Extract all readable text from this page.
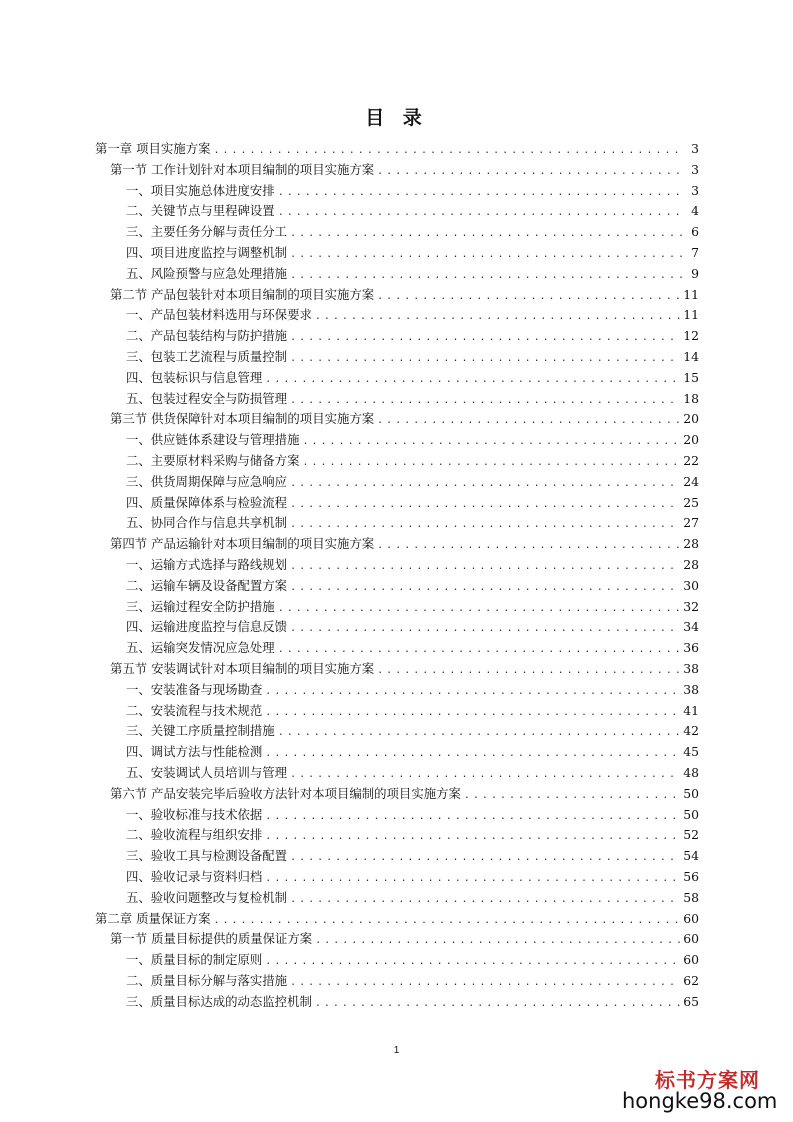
目 录
第一章 项目实施方案 .....	3
第一节 工作计划针对本项目编制的项目实施方案 .....	3
一、项目实施总体进度安排 .....	3
二、关键节点与里程碑设置 .....	4
三、主要任务分解与责任分工 .....	6
四、项目进度监控与调整机制 .....	7
五、风险预警与应急处理措施 .....	9
第二节 产品包装针对本项目编制的项目实施方案 .....	11
一、产品包装材料选用与环保要求 .....	11
二、产品包装结构与防护措施 .....	12
三、包装工艺流程与质量控制 .....	14
四、包装标识与信息管理 .....	15
五、包装过程安全与防损管理 .....	18
第三节 供货保障针对本项目编制的项目实施方案 .....	20
一、供应链体系建设与管理措施 .....	20
二、主要原材料采购与储备方案 .....	22
三、供货周期保障与应急响应 .....	24
四、质量保障体系与检验流程 .....	25
五、协同合作与信息共享机制 .....	27
第四节 产品运输针对本项目编制的项目实施方案 .....	28
一、运输方式选择与路线规划 .....	28
二、运输车辆及设备配置方案 .....	30
三、运输过程安全防护措施 .....	32
四、运输进度监控与信息反馈 .....	34
五、运输突发情况应急处理 .....	36
第五节 安装调试针对本项目编制的项目实施方案 .....	38
一、安装准备与现场勘查 .....	38
二、安装流程与技术规范 .....	41
三、关键工序质量控制措施 .....	42
四、调试方法与性能检测 .....	45
五、安装调试人员培训与管理 .....	48
第六节 产品安装完毕后验收方法针对本项目编制的项目实施方案 .....	50
一、验收标准与技术依据 .....	50
二、验收流程与组织安排 .....	52
三、验收工具与检测设备配置 .....	54
四、验收记录与资料归档 .....	56
五、验收问题整改与复检机制 .....	58
第二章 质量保证方案 .....	60
第一节 质量目标提供的质量保证方案 .....	60
一、质量目标的制定原则 .....	60
二、质量目标分解与落实措施 .....	62
三、质量目标达成的动态监控机制 .....	65
1
标书方案网
hongke98.com
